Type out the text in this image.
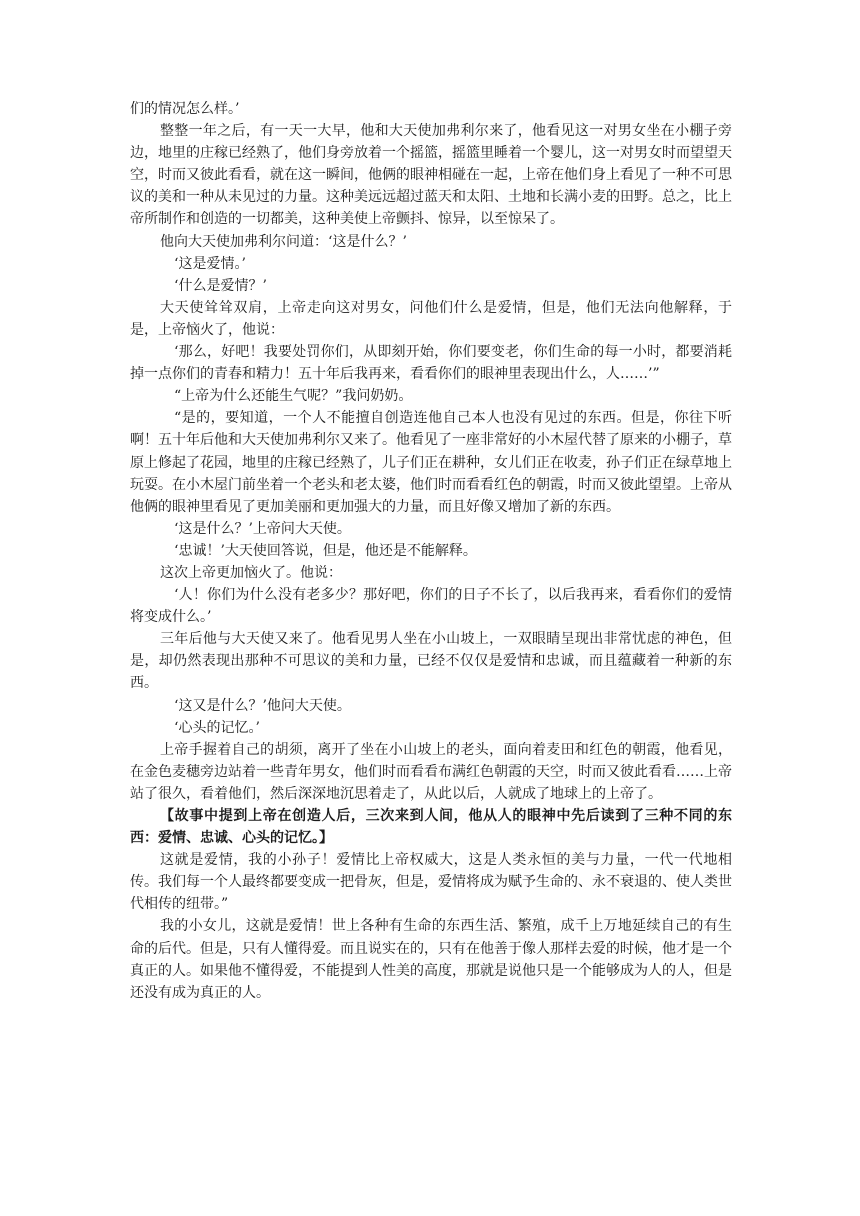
们的情况怎么样。’

整整一年之后，有一天一大早，他和大天使加弗利尔来了，他看见这一对男女坐在小棚子旁边，地里的庄稼已经熟了，他们身旁放着一个摇篮，摇篮里睡着一个婴儿，这一对男女时而望望天空，时而又彼此看看，就在这一瞬间，他俩的眼神相碰在一起，上帝在他们身上看见了一种不可思议的美和一种从未见过的力量。这种美远远超过蓝天和太阳、土地和长满小麦的田野。总之，比上帝所制作和创造的一切都美，这种美使上帝颤抖、惊异，以至惊呆了。

他向大天使加弗利尔问道：‘这是什么？’

‘这是爱情。’

‘什么是爱情？’

大天使耸耸双肩，上帝走向这对男女，问他们什么是爱情，但是，他们无法向他解释，于是，上帝恼火了，他说：

‘那么，好吧！我要处罚你们，从即刻开始，你们要变老，你们生命的每一小时，都要消耗掉一点你们的青春和精力！五十年后我再来，看看你们的眼神里表现出什么，人……’”

“上帝为什么还能生气呢？”我问奶奶。

“是的，要知道，一个人不能擅自创造连他自己本人也没有见过的东西。但是，你往下听啊！五十年后他和大天使加弗利尔又来了。他看见了一座非常好的小木屋代替了原来的小棚子，草原上修起了花园，地里的庄稼已经熟了，儿子们正在耕种，女儿们正在收麦，孙子们正在绿草地上玩耍。在小木屋门前坐着一个老头和老太婆，他们时而看看红色的朝霞，时而又彼此望望。上帝从他俩的眼神里看见了更加美丽和更加强大的力量，而且好像又增加了新的东西。

‘这是什么？’上帝问大天使。

‘忠诚！’大天使回答说，但是，他还是不能解释。

这次上帝更加恼火了。他说：

‘人！你们为什么没有老多少？那好吧，你们的日子不长了，以后我再来，看看你们的爱情将变成什么。’

三年后他与大天使又来了。他看见男人坐在小山坡上，一双眼睛呈现出非常忧虑的神色，但是，却仍然表现出那种不可思议的美和力量，已经不仅仅是爱情和忠诚，而且蕴藏着一种新的东西。

‘这又是什么？’他问大天使。

‘心头的记忆。’

上帝手握着自己的胡须，离开了坐在小山坡上的老头，面向着麦田和红色的朝霞，他看见，在金色麦穗旁边站着一些青年男女，他们时而看看布满红色朝霞的天空，时而又彼此看看……上帝站了很久，看着他们，然后深深地沉思着走了，从此以后，人就成了地球上的上帝了。

【故事中提到上帝在创造人后，三次来到人间，他从人的眼神中先后读到了三种不同的东西：爱情、忠诚、心头的记忆。】

这就是爱情，我的小孙子！爱情比上帝权威大，这是人类永恒的美与力量，一代一代地相传。我们每一个人最终都要变成一把骨灰，但是，爱情将成为赋予生命的、永不衰退的、使人类世代相传的纽带。”

我的小女儿，这就是爱情！世上各种有生命的东西生活、繁殖，成千上万地延续自己的有生命的后代。但是，只有人懂得爱。而且说实在的，只有在他善于像人那样去爱的时候，他才是一个真正的人。如果他不懂得爱，不能提到人性美的高度，那就是说他只是一个能够成为人的人，但是还没有成为真正的人。
